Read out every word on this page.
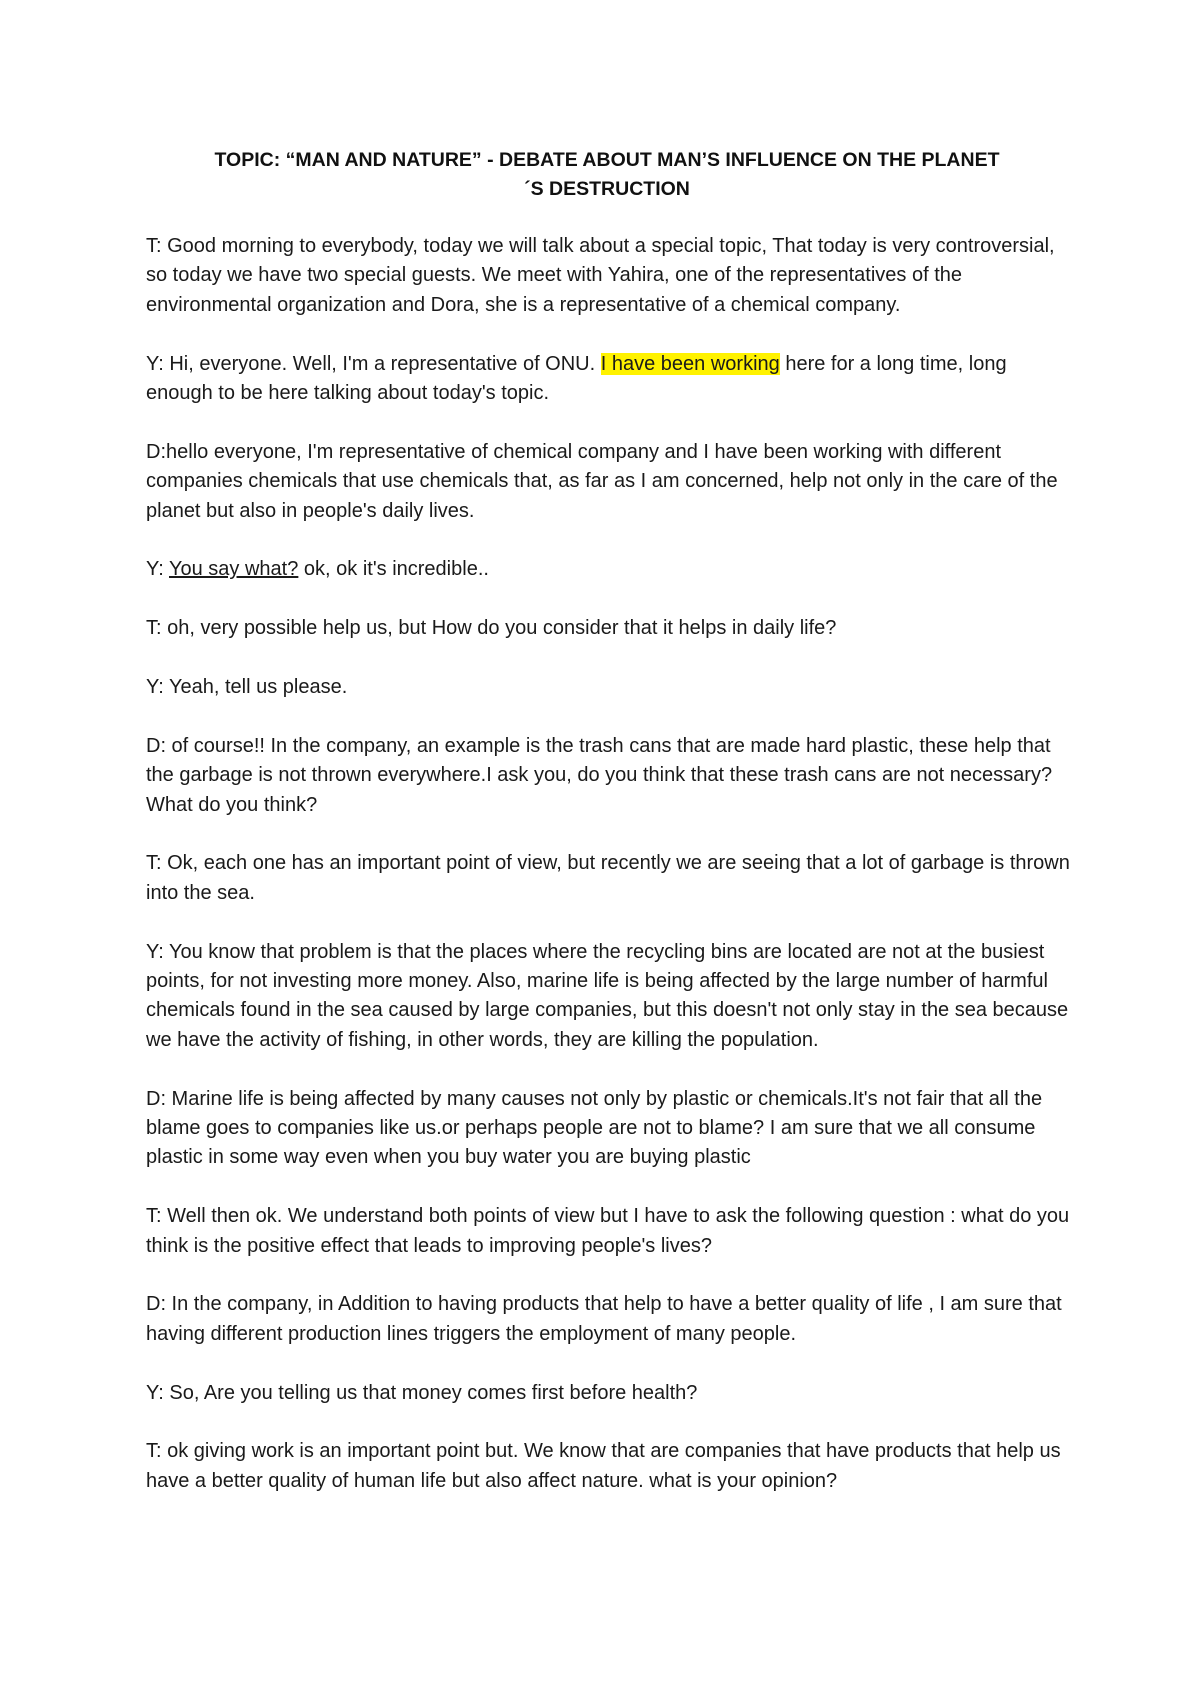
TOPIC: “MAN AND NATURE” - DEBATE ABOUT MAN’S INFLUENCE ON THE PLANET
´S DESTRUCTION

T: Good morning to everybody, today we will talk about a special topic, That today is very controversial, so today we have two special guests. We meet with Yahira, one of the representatives of the environmental organization and Dora, she is a representative of a chemical company.

Y: Hi, everyone. Well, I'm a representative of ONU. I have been working here for a long time, long enough to be here talking about today's topic.

D:hello everyone, I'm representative of chemical company and I have been working with different companies chemicals that use chemicals that, as far as I am concerned, help not only in the care of the planet but also in people's daily lives.

Y: You say what? ok, ok it's incredible..

T: oh, very possible help us, but How do you consider that it helps in daily life?

Y: Yeah, tell us please.

D: of course!! In the company, an example is the trash cans that are made hard plastic, these help that the garbage is not thrown everywhere.I ask you, do you think that these trash cans are not necessary? What do you think?

T: Ok, each one has an important point of view, but recently we are seeing that a lot of garbage is thrown into the sea.

Y: You know that problem is that the places where the recycling bins are located are not at the busiest points, for not investing more money. Also, marine life is being affected by the large number of harmful chemicals found in the sea caused by large companies, but this doesn't not only stay in the sea because we have the activity of fishing, in other words, they are killing the population.

D: Marine life is being affected by many causes not only by plastic or chemicals.It's not fair that all the blame goes to companies like us.or perhaps people are not to blame? I am sure that we all consume plastic in some way even when you buy water you are buying plastic

T: Well then ok. We understand both points of view but I have to ask the following question : what do you think is the positive effect that leads to improving people's lives?

D: In the company, in Addition to having products that help to have a better quality of life , I am sure that having different production lines triggers the employment of many people.

Y: So, Are you telling us that money comes first before health?

T: ok giving work is an important point but. We know that are companies that have products that help us have a better quality of human life but also affect nature. what is your opinion?
